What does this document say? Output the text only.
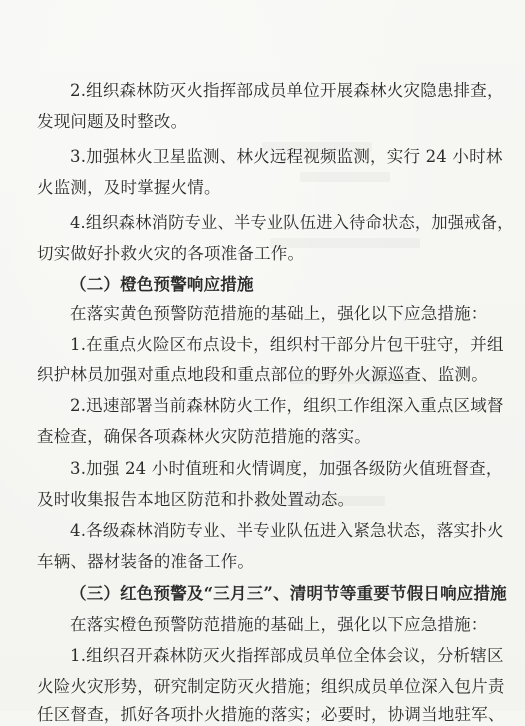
2.组织森林防灭火指挥部成员单位开展森林火灾隐患排查，
发现问题及时整改。
3.加强林火卫星监测、林火远程视频监测，实行 24 小时林
火监测，及时掌握火情。
4.组织森林消防专业、半专业队伍进入待命状态，加强戒备，
切实做好扑救火灾的各项准备工作。
（二）橙色预警响应措施
在落实黄色预警防范措施的基础上，强化以下应急措施：
1.在重点火险区布点设卡，组织村干部分片包干驻守，并组
织护林员加强对重点地段和重点部位的野外火源巡查、监测。
2.迅速部署当前森林防火工作，组织工作组深入重点区域督
查检查，确保各项森林火灾防范措施的落实。
3.加强 24 小时值班和火情调度，加强各级防火值班督查，
及时收集报告本地区防范和扑救处置动态。
4.各级森林消防专业、半专业队伍进入紧急状态，落实扑火
车辆、器材装备的准备工作。
（三）红色预警及“三月三”、清明节等重要节假日响应措施
在落实橙色预警防范措施的基础上，强化以下应急措施：
1.组织召开森林防灭火指挥部成员单位全体会议，分析辖区
火险火灾形势，研究制定防灭火措施；组织成员单位深入包片责
任区督查，抓好各项扑火措施的落实；必要时，协调当地驻军、
